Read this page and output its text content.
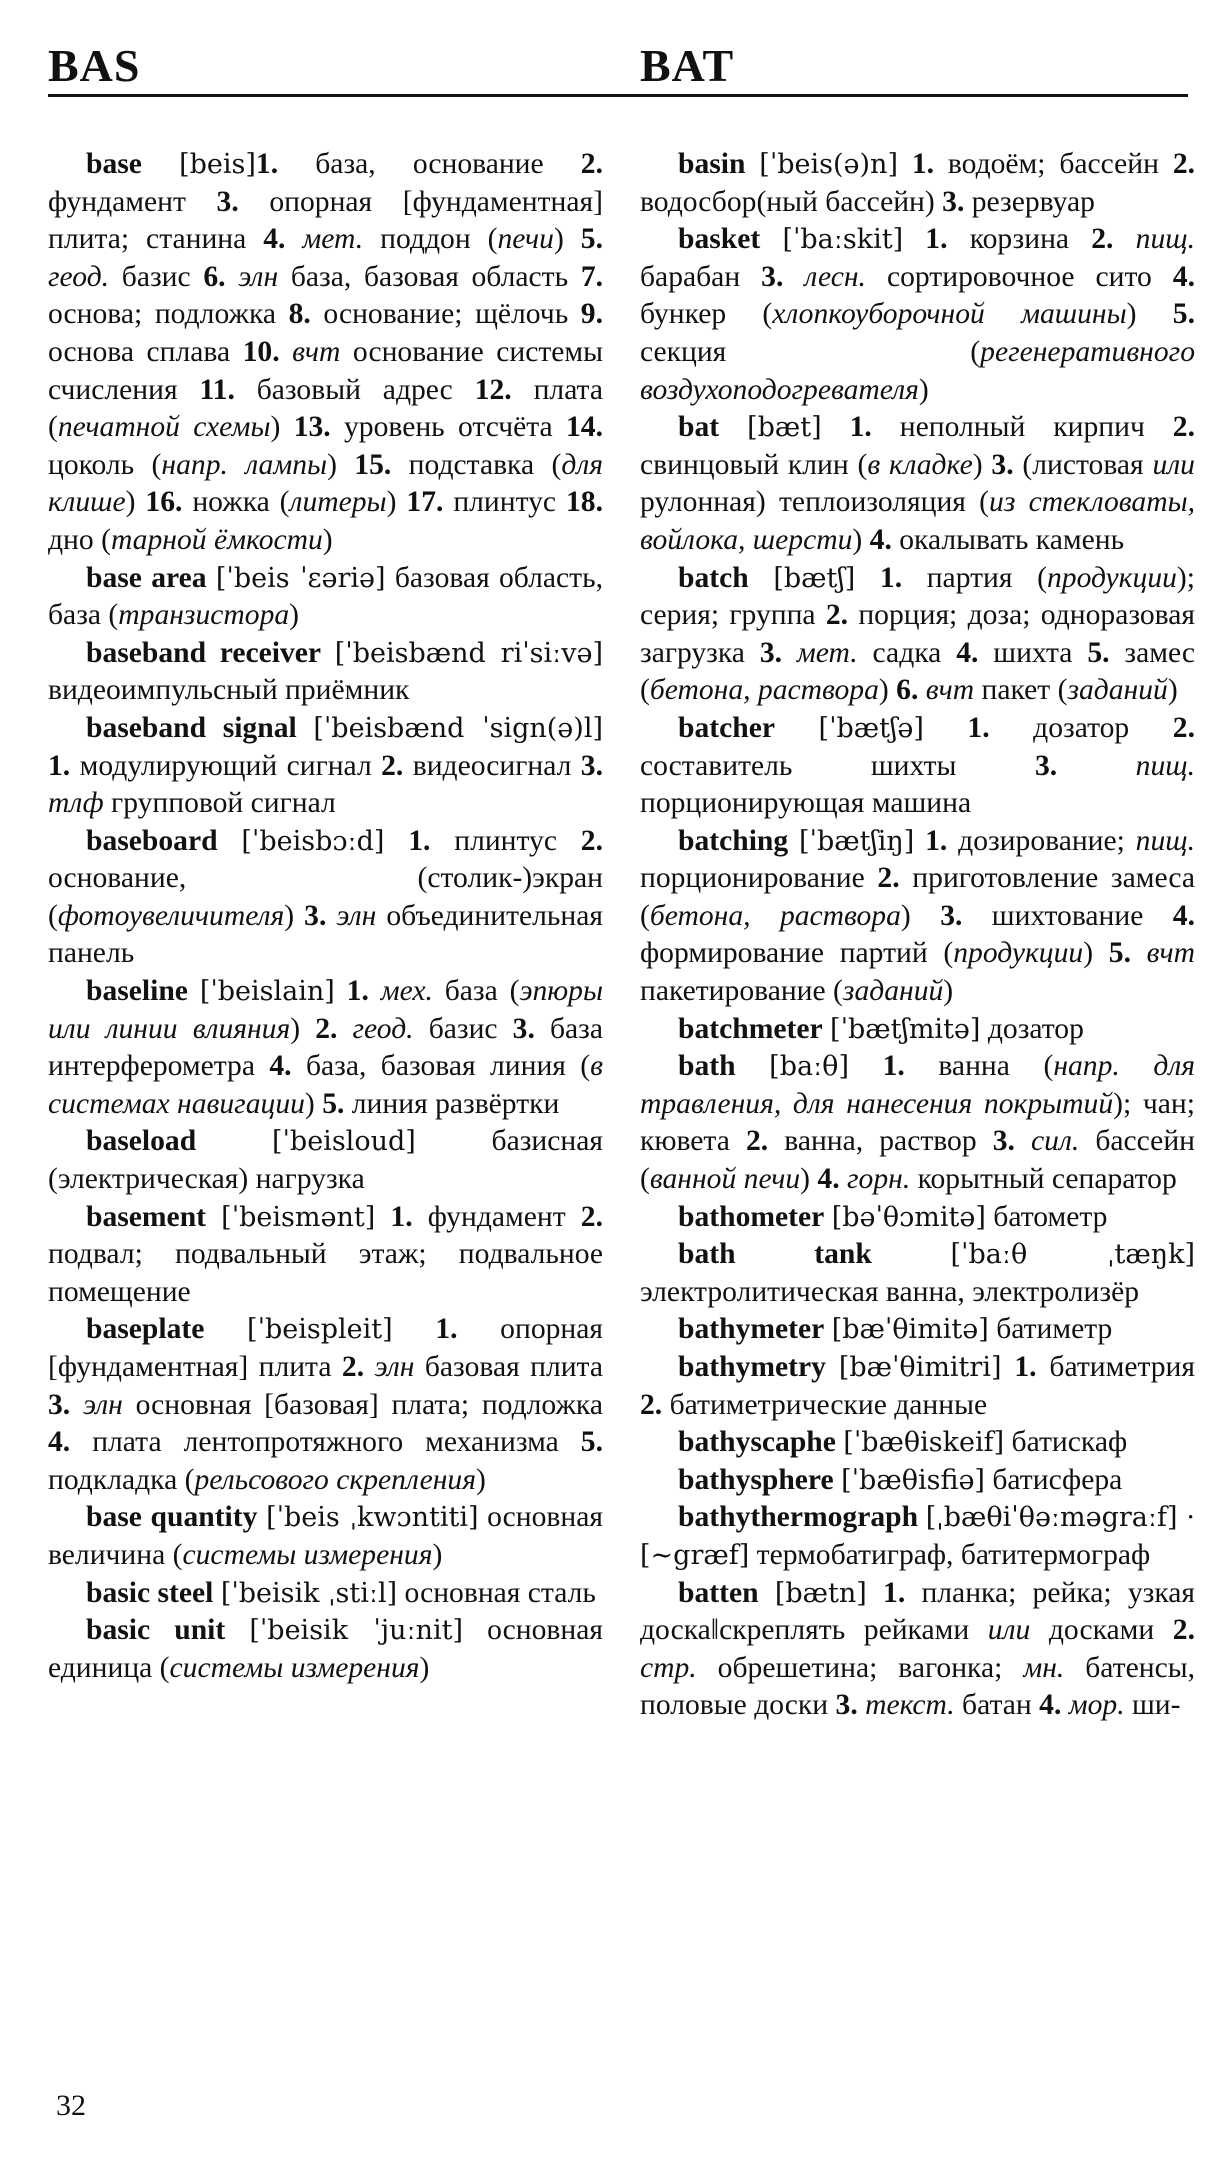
BAS	BAT

base [beis]1. база, основание 2. фундамент 3. опорная [фундаментная] плита; станина 4. мет. поддон (печи) 5. геод. базис 6. элн база, базовая область 7. основа; подложка 8. основание; щёлочь 9. основа сплава 10. вчт основание системы счисления 11. базовый адрес 12. плата (печатной схемы) 13. уровень отсчёта 14. цоколь (напр. лампы) 15. подставка (для клише) 16. ножка (литеры) 17. плинтус 18. дно (тарной ёмкости)

base area [ˈbeis ˈɛəriə] базовая область, база (транзистора)

baseband receiver [ˈbeisbænd riˈsiːvə] видеоимпульсный приёмник

baseband signal [ˈbeisbænd ˈsign(ə)l] 1. модулирующий сигнал 2. видеосигнал 3. тлф групповой сигнал

baseboard [ˈbeisbɔːd] 1. плинтус 2. основание, (столик-)экран (фотоувеличителя) 3. элн объединительная панель

baseline [ˈbeislain] 1. мех. база (эпюры или линии влияния) 2. геод. базис 3. база интерферометра 4. база, базовая линия (в системах навигации) 5. линия развёртки

baseload	[ˈbeisloud] базисная (электрическая) нагрузка

basement [ˈbeismənt] 1. фундамент 2. подвал; подвальный этаж; подвальное помещение

baseplate [ˈbeispleit] 1. опорная [фундаментная] плита 2. элн базовая плита 3. элн основная [базовая] плата; подложка 4. плата лентопротяжного механизма 5. подкладка (рельсового скрепления)

base quantity [ˈbeis ˌkwɔntiti] основная величина (системы измерения)

basic steel [ˈbeisik ˌstiːl] основная сталь

basic unit [ˈbeisik ˈjuːnit] основная единица (системы измерения)

basin [ˈbeis(ə)n] 1. водоём; бассейн 2. водосбор(ный бассейн) 3. резервуар

basket [ˈbaːskit] 1. корзина 2. пищ. барабан 3. лесн. сортировочное сито 4. бункер (хлопкоуборочной машины) 5. секция (регенеративного воздухоподогревателя)

bat [bæt] 1. неполный кирпич 2. свинцовый клин (в кладке) 3. (листовая или рулонная) теплоизоляция (из стекловаты, войлока, шерсти) 4. окалывать камень

batch [bætʃ] 1. партия (продукции); серия; группа 2. порция; доза; одноразовая загрузка 3. мет. садка 4. шихта 5. замес (бетона, раствора) 6. вчт пакет (заданий)

batcher [ˈbætʃə] 1. дозатор 2. составитель шихты 3. пищ. порционирующая машина

batching [ˈbætʃiŋ] 1. дозирование; пищ. порционирование 2. приготовление замеса (бетона, раствора) 3. шихтование 4. формирование партий (продукции) 5. вчт пакетирование (заданий)

batchmeter [ˈbætʃmitə] дозатор

bath [baːθ] 1. ванна (напр. для травления, для нанесения покрытий); чан; кювета 2. ванна, раствор 3. сил. бассейн (ванной печи) 4. горн. корытный сепаратор

bathometer [bəˈθɔmitə] батометр

bath tank	[ˈbaːθ ˌtæŋk] электролитическая ванна, электролизёр

bathymeter [bæˈθimitə] батиметр

bathymetry [bæˈθimitri] 1. батиметрия 2. батиметрические данные

bathyscaphe [ˈbæθiskeif] батискаф

bathysphere [ˈbæθisfiə] батисфера

bathythermograph [ˌbæθiˈθəːməgraːf] · [∼græf] термобатиграф, батитермограф

batten [bætn] 1. планка; рейка; узкая доска‖скреплять рейками или досками 2. стр. обрешетина; вагонка; мн. батенсы, половые доски 3. текст. батан 4. мор. ши-

32
